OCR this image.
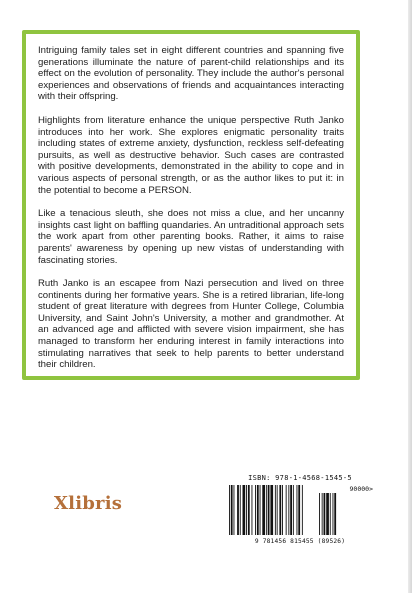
Intriguing family tales set in eight different countries and spanning five generations illuminate the nature of parent-child relationships and its effect on the evolution of personality. They include the author's personal experiences and observations of friends and acquaintances interacting with their offspring.

Highlights from literature enhance the unique perspective Ruth Janko introduces into her work. She explores enigmatic personality traits including states of extreme anxiety, dysfunction, reckless self-defeating pursuits, as well as destructive behavior. Such cases are contrasted with positive developments, demonstrated in the ability to cope and in various aspects of personal strength, or as the author likes to put it: in the potential to become a PERSON.

Like a tenacious sleuth, she does not miss a clue, and her uncanny insights cast light on baffling quandaries. An untraditional approach sets the work apart from other parenting books. Rather, it aims to raise parents' awareness by opening up new vistas of understanding with fascinating stories.

Ruth Janko is an escapee from Nazi persecution and lived on three continents during her formative years. She is a retired librarian, life-long student of great literature with degrees from Hunter College, Columbia University, and Saint John's University, a mother and grandmother. At an advanced age and afflicted with severe vision impairment, she has managed to transform her enduring interest in family interactions into stimulating narratives that seek to help parents to better understand their children.

Xlibris
ISBN: 978-1-4568-1545-5
90000>
9 781456 815455 (89526)
